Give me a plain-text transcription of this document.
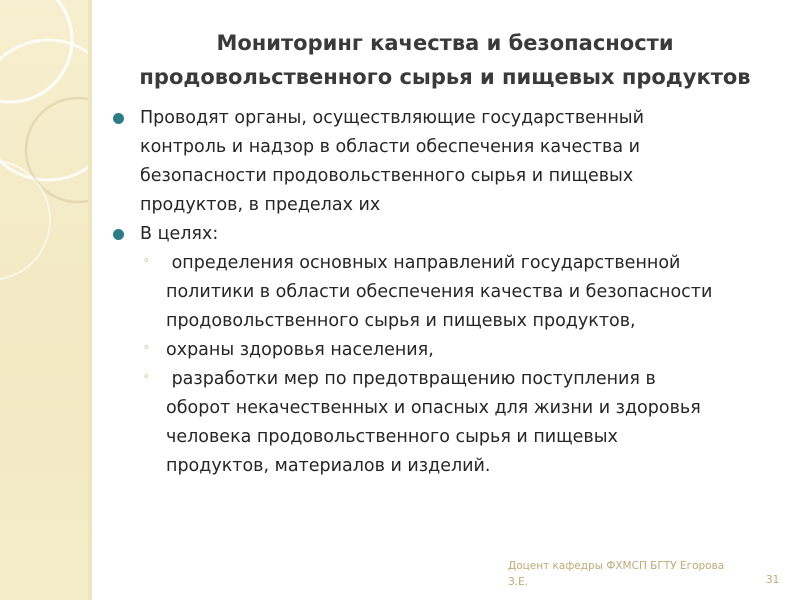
Мониторинг качества и безопасности
продовольственного сырья и пищевых продуктов
Проводят органы, осуществляющие государственный
контроль и надзор в области обеспечения качества и
безопасности продовольственного сырья и пищевых
продуктов, в пределах их
В целях:
◦ определения основных направлений государственной
политики в области обеспечения качества и безопасности
продовольственного сырья и пищевых продуктов,
◦ охраны здоровья населения,
◦ разработки мер по предотвращению поступления в
оборот некачественных и опасных для жизни и здоровья
человека продовольственного сырья и пищевых
продуктов, материалов и изделий.
Доцент кафедры ФХМСП БГТУ Егорова
З.Е.	31
